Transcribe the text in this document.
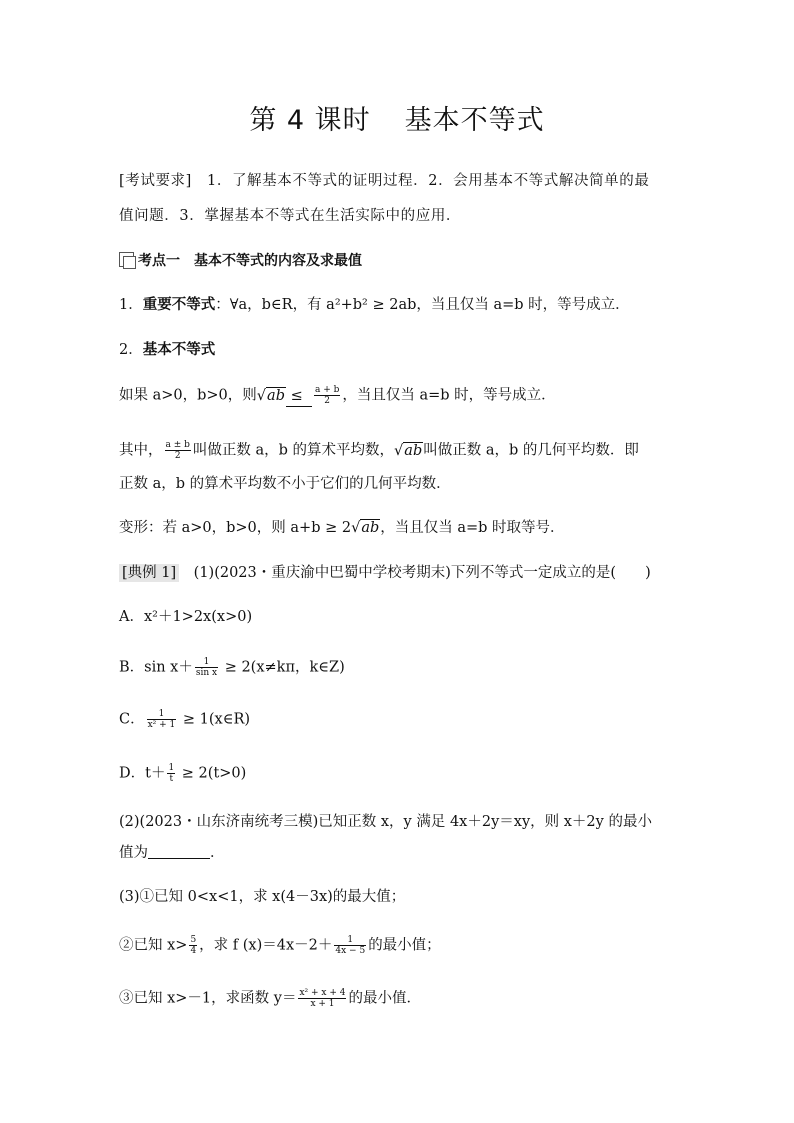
第 4 课时 基本不等式
[考试要求]　 1．了解基本不等式的证明过程．2．会用基本不等式解决简单的最
值问题．3．掌握基本不等式在生活实际中的应用．
考点一　 基本不等式的内容及求最值
1．重要不等式：∀a，b∈R，有 a²+b² ≥ 2ab，当且仅当 a=b 时，等号成立．
2．基本不等式
如果 a>0，b>0，则$√ab \le \frac{a + b}{2}$ ，当且仅当 a=b 时，等号成立．
其中， $\frac{a \pm b}{2}$ 叫做正数 a，b 的算术平均数，√ab叫做正数 a，b 的几何平均数．即
正数 a，b 的算术平均数不小于它们的几何平均数．
变形：若 a>0，b>0，则 a+b ≥ 2√ab，当且仅当 a=b 时取等号．
[典例 1]　 (1)(2023・重庆渝中巴蜀中学校考期末)下列不等式一定成立的是(　　)
A．x²＋1>2x(x>0)
B．$\sin x+ \frac{1}{\text{sin x}} \ge 2(x\ne k\pi$，k∈Z)
C． $\frac{1}{\text{x² + 1}}$ ≥ 1(x∈R)
D．$t+ \frac{1}{t} \ge 2(t>0)$
(2)(2023・山东济南统考三模)已知正数 x，y 满足 4x＋2y＝xy，则 x＋2y 的最小
值为	．
(3)①已知 0<x<1，求 x(4－3x)的最大值；
②已知 $x> \frac{5}{4}$ ，求 f $(x)=4x-2+ \frac{1}{4x - 5}$ 的最小值；
③已知 x>－1，求函数 $y= \frac{\text{x² + x + 4}}{x + 1}$ 的最小值．
